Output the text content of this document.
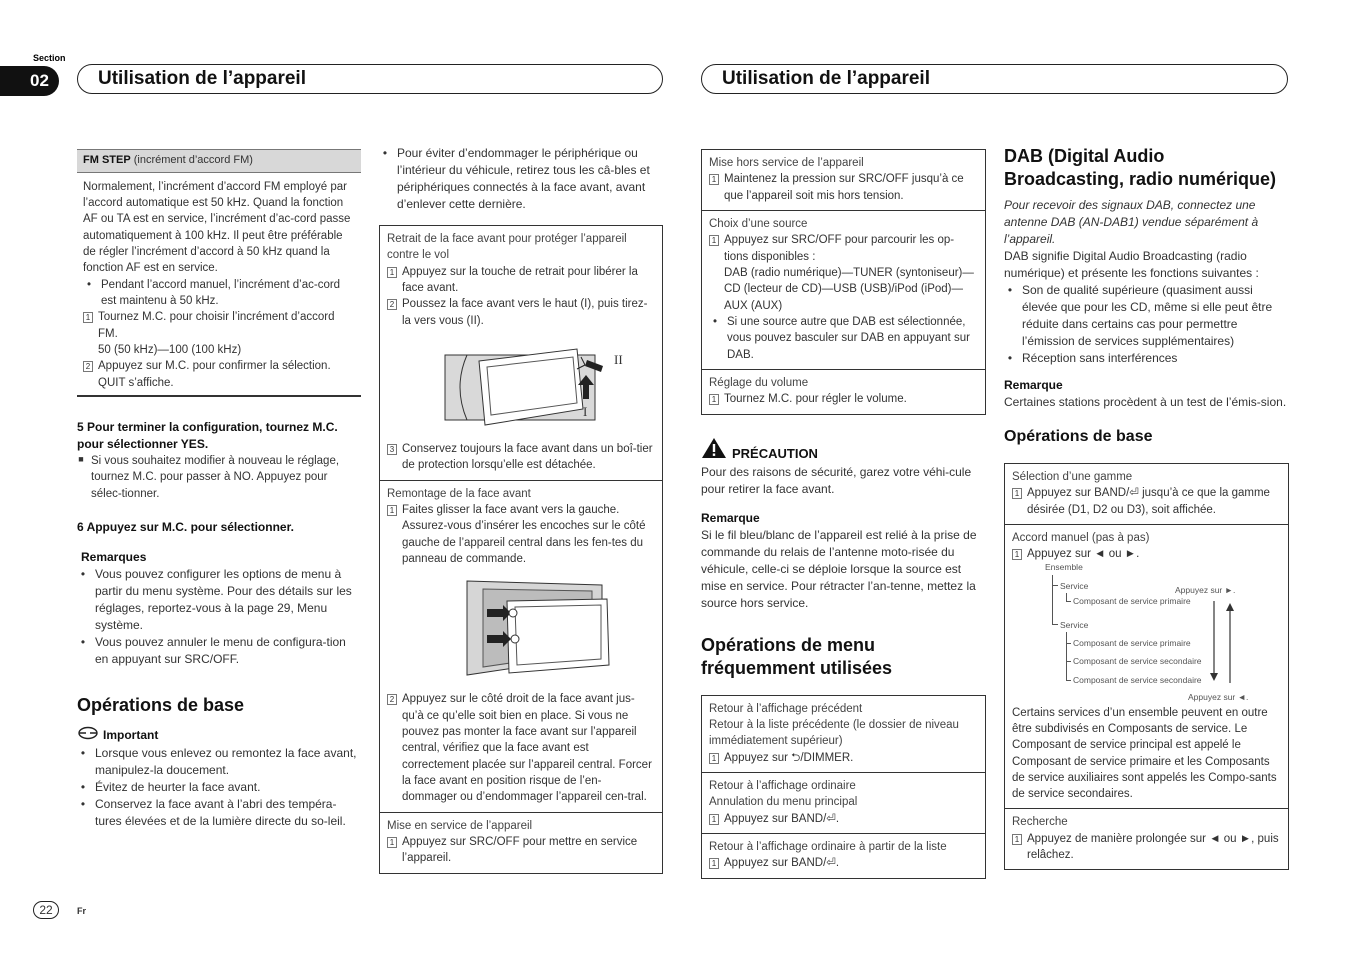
Section
02	Utilisation de l’appareil	Utilisation de l’appareil
FM STEP (incrément d’accord FM)
Normalement, l’incrément d’accord FM employé par l’accord automatique est 50 kHz. Quand la fonction AF ou TA est en service, l’incrément d’ac-cord passe automatiquement à 100 kHz. Il peut être préférable de régler l’incrément d’accord à 50 kHz quand la fonction AF est en service.
• Pendant l’accord manuel, l’incrément d’ac-cord est maintenu à 50 kHz.
1 Tournez M.C. pour choisir l’incrément d’accord FM.
50 (50 kHz)—100 (100 kHz)
2 Appuyez sur M.C. pour confirmer la sélection. QUIT s’affiche.
5 Pour terminer la configuration, tournez M.C. pour sélectionner YES.
■ Si vous souhaitez modifier à nouveau le réglage, tournez M.C. pour passer à NO. Appuyez pour sélec-tionner.
6 Appuyez sur M.C. pour sélectionner.
Remarques
• Vous pouvez configurer les options de menu à partir du menu système. Pour des détails sur les réglages, reportez-vous à la page 29, Menu système.
• Vous pouvez annuler le menu de configura-tion en appuyant sur SRC/OFF.
Opérations de base
Important
• Lorsque vous enlevez ou remontez la face avant, manipulez-la doucement.
• Évitez de heurter la face avant.
• Conservez la face avant à l’abri des tempéra-tures élevées et de la lumière directe du so-leil.
• Pour éviter d’endommager le périphérique ou l’intérieur du véhicule, retirez tous les câ-bles et périphériques connectés à la face avant, avant d’enlever cette dernière.
Retrait de la face avant pour protéger l’appareil contre le vol
1 Appuyez sur la touche de retrait pour libérer la face avant.
2 Poussez la face avant vers le haut (I), puis tirez-la vers vous (II).
II
I
3 Conservez toujours la face avant dans un boî-tier de protection lorsqu’elle est détachée.
Remontage de la face avant
1 Faites glisser la face avant vers la gauche. Assurez-vous d’insérer les encoches sur le côté gauche de l’appareil central dans les fen-tes du panneau de commande.
2 Appuyez sur le côté droit de la face avant jus-qu’à ce qu’elle soit bien en place. Si vous ne pouvez pas monter la face avant sur l’appareil central, vérifiez que la face avant est correctement placée sur l’appareil central. Forcer la face avant en position risque de l’en-dommager ou d’endommager l’appareil cen-tral.
Mise en service de l’appareil
1 Appuyez sur SRC/OFF pour mettre en service l’appareil.
Mise hors service de l’appareil
1 Maintenez la pression sur SRC/OFF jusqu’à ce que l’appareil soit mis hors tension.
Choix d’une source
1 Appuyez sur SRC/OFF pour parcourir les op-tions disponibles :
DAB (radio numérique)—TUNER (syntoniseur)—CD (lecteur de CD)—USB (USB)/iPod (iPod)—AUX (AUX)
• Si une source autre que DAB est sélectionnée, vous pouvez basculer sur DAB en appuyant sur DAB.
Réglage du volume
1 Tournez M.C. pour régler le volume.
PRÉCAUTION
Pour des raisons de sécurité, garez votre véhi-cule pour retirer la face avant.
Remarque
Si le fil bleu/blanc de l’appareil est relié à la prise de commande du relais de l’antenne moto-risée du véhicule, celle-ci se déploie lorsque la source est mise en service. Pour rétracter l’an-tenne, mettez la source hors service.
Opérations de menu fréquemment utilisées
Retour à l’affichage précédent
Retour à la liste précédente (le dossier de niveau immédiatement supérieur)
1 Appuyez sur ⮌/DIMMER.
Retour à l’affichage ordinaire
Annulation du menu principal
1 Appuyez sur BAND/⏎.
Retour à l’affichage ordinaire à partir de la liste
1 Appuyez sur BAND/⏎.
DAB (Digital Audio Broadcasting, radio numérique)
Pour recevoir des signaux DAB, connectez une antenne DAB (AN-DAB1) vendue séparément à l’appareil.
DAB signifie Digital Audio Broadcasting (radio numérique) et présente les fonctions suivantes :
• Son de qualité supérieure (quasiment aussi élevée que pour les CD, même si elle peut être réduite dans certains cas pour permettre l’émission de services supplémentaires)
• Réception sans interférences
Remarque
Certaines stations procèdent à un test de l’émis-sion.
Opérations de base
Sélection d’une gamme
1 Appuyez sur BAND/⏎ jusqu’à ce que la gamme désirée (D1, D2 ou D3), soit affichée.
Accord manuel (pas à pas)
1 Appuyez sur ◄ ou ►.
Ensemble
Service
Composant de service primaire
Service
Composant de service primaire
Composant de service secondaire
Composant de service secondaire
Appuyez sur ►.
Appuyez sur ◄.
Certains services d’un ensemble peuvent en outre être subdivisés en Composants de service. Le Composant de service principal est appelé le Composant de service primaire et les Composants de service auxiliaires sont appelés les Compo-sants de service secondaires.
Recherche
1 Appuyez de manière prolongée sur ◄ ou ►, puis relâchez.
22	Fr
